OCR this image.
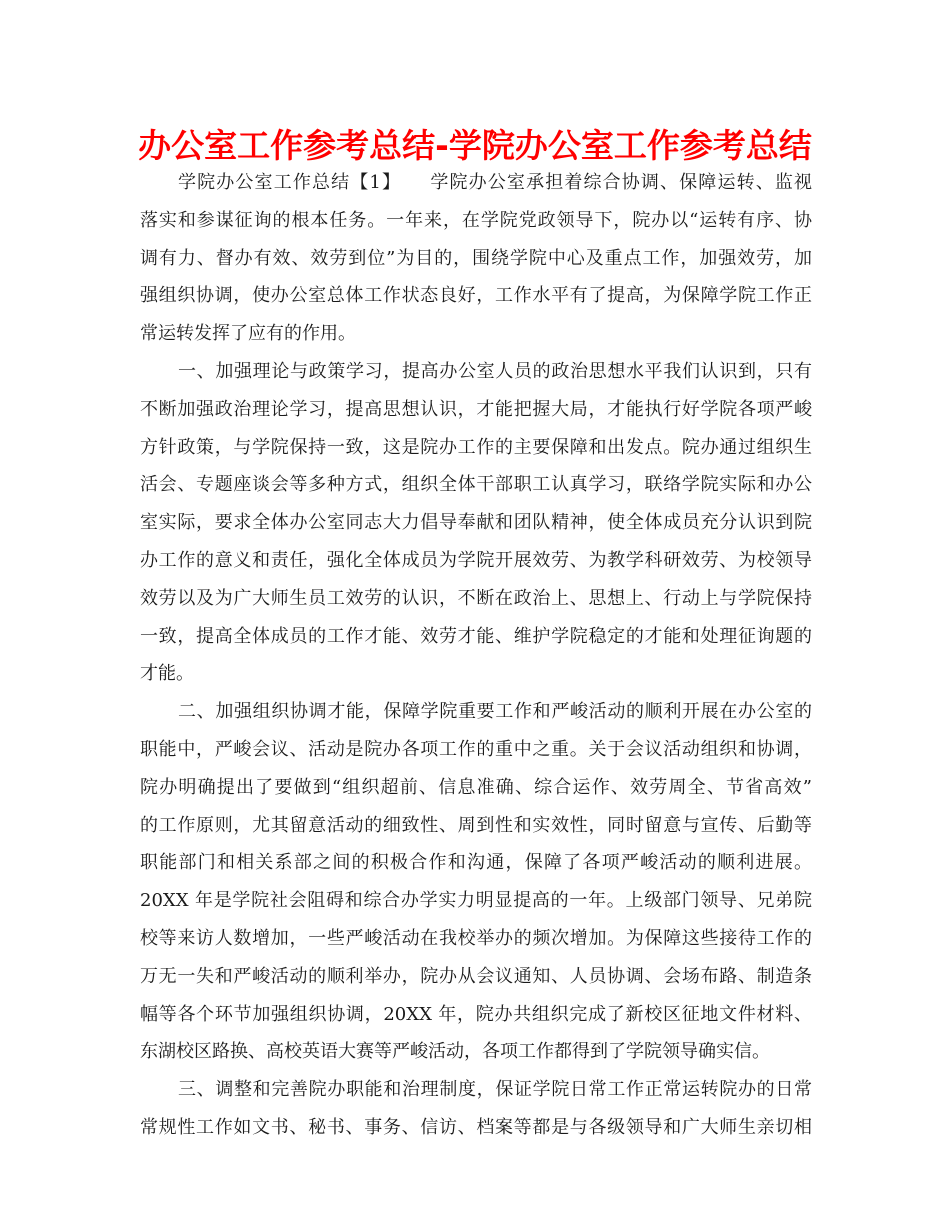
办公室工作参考总结-学院办公室工作参考总结
学院办公室工作总结【1】　　学院办公室承担着综合协调、保障运转、监视
落实和参谋征询的根本任务。一年来，在学院党政领导下，院办以“运转有序、协
调有力、督办有效、效劳到位”为目的，围绕学院中心及重点工作，加强效劳，加
强组织协调，使办公室总体工作状态良好，工作水平有了提高，为保障学院工作正
常运转发挥了应有的作用。
一、加强理论与政策学习，提高办公室人员的政治思想水平我们认识到，只有
不断加强政治理论学习，提高思想认识，才能把握大局，才能执行好学院各项严峻
方针政策，与学院保持一致，这是院办工作的主要保障和出发点。院办通过组织生
活会、专题座谈会等多种方式，组织全体干部职工认真学习，联络学院实际和办公
室实际，要求全体办公室同志大力倡导奉献和团队精神，使全体成员充分认识到院
办工作的意义和责任，强化全体成员为学院开展效劳、为教学科研效劳、为校领导
效劳以及为广大师生员工效劳的认识，不断在政治上、思想上、行动上与学院保持
一致，提高全体成员的工作才能、效劳才能、维护学院稳定的才能和处理征询题的
才能。
二、加强组织协调才能，保障学院重要工作和严峻活动的顺利开展在办公室的
职能中，严峻会议、活动是院办各项工作的重中之重。关于会议活动组织和协调，
院办明确提出了要做到“组织超前、信息准确、综合运作、效劳周全、节省高效”
的工作原则，尤其留意活动的细致性、周到性和实效性，同时留意与宣传、后勤等
职能部门和相关系部之间的积极合作和沟通，保障了各项严峻活动的顺利进展。
20XX 年是学院社会阻碍和综合办学实力明显提高的一年。上级部门领导、兄弟院
校等来访人数增加，一些严峻活动在我校举办的频次增加。为保障这些接待工作的
万无一失和严峻活动的顺利举办，院办从会议通知、人员协调、会场布路、制造条
幅等各个环节加强组织协调，20XX 年，院办共组织完成了新校区征地文件材料、
东湖校区路换、高校英语大赛等严峻活动，各项工作都得到了学院领导确实信。
三、调整和完善院办职能和治理制度，保证学院日常工作正常运转院办的日常
常规性工作如文书、秘书、事务、信访、档案等都是与各级领导和广大师生亲切相
